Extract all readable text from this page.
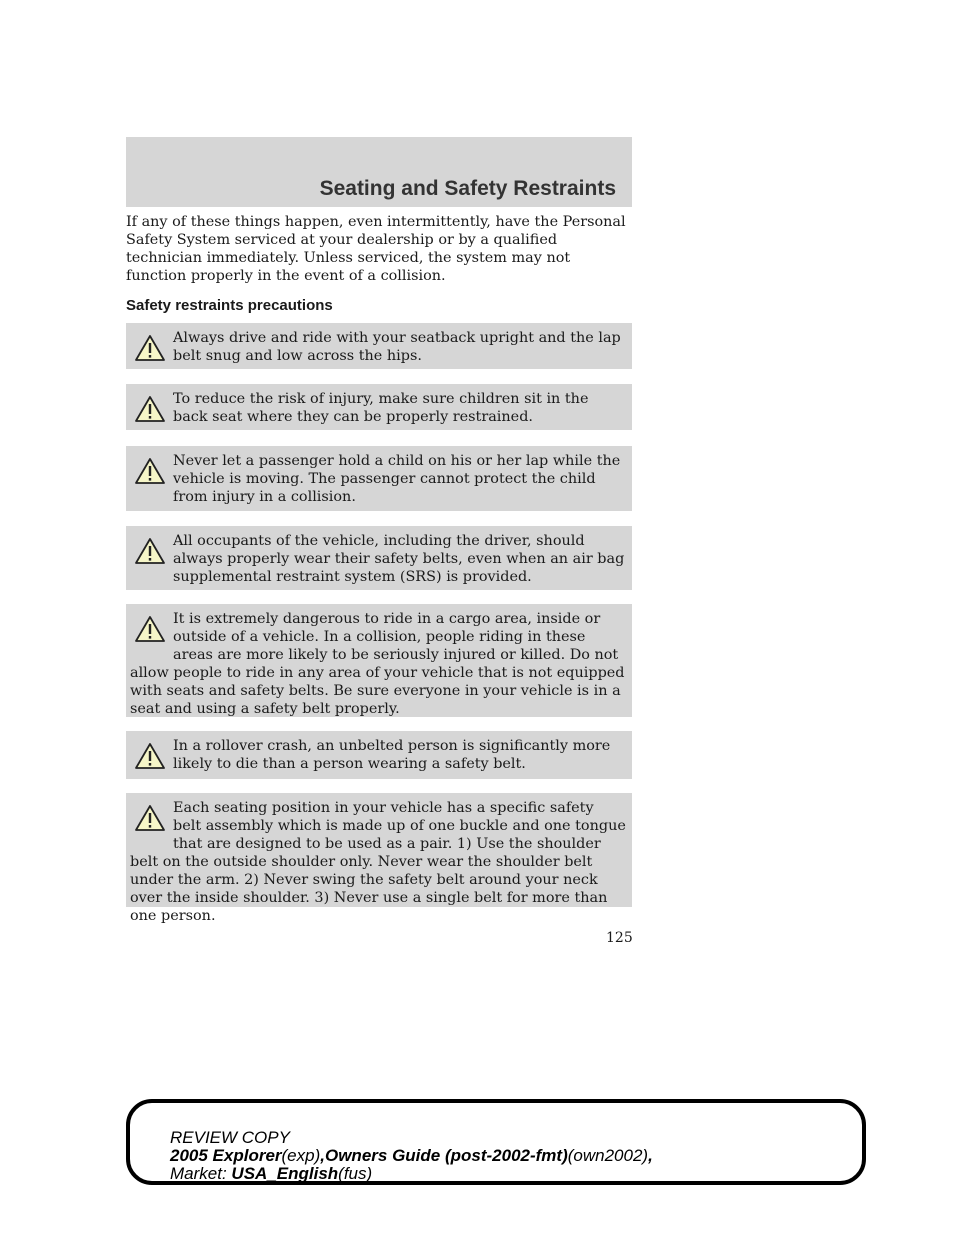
Seating and Safety Restraints

If any of these things happen, even intermittently, have the Personal Safety System serviced at your dealership or by a qualified technician immediately. Unless serviced, the system may not function properly in the event of a collision.

Safety restraints precautions

Always drive and ride with your seatback upright and the lap belt snug and low across the hips.

To reduce the risk of injury, make sure children sit in the back seat where they can be properly restrained.

Never let a passenger hold a child on his or her lap while the vehicle is moving. The passenger cannot protect the child from injury in a collision.

All occupants of the vehicle, including the driver, should always properly wear their safety belts, even when an air bag supplemental restraint system (SRS) is provided.

It is extremely dangerous to ride in a cargo area, inside or outside of a vehicle. In a collision, people riding in these areas are more likely to be seriously injured or killed. Do not allow people to ride in any area of your vehicle that is not equipped with seats and safety belts. Be sure everyone in your vehicle is in a seat and using a safety belt properly.

In a rollover crash, an unbelted person is significantly more likely to die than a person wearing a safety belt.

Each seating position in your vehicle has a specific safety belt assembly which is made up of one buckle and one tongue that are designed to be used as a pair. 1) Use the shoulder belt on the outside shoulder only. Never wear the shoulder belt under the arm. 2) Never swing the safety belt around your neck over the inside shoulder. 3) Never use a single belt for more than one person.

125

REVIEW COPY
2005 Explorer(exp),Owners Guide (post-2002-fmt)(own2002),
Market: USA_English(fus)
